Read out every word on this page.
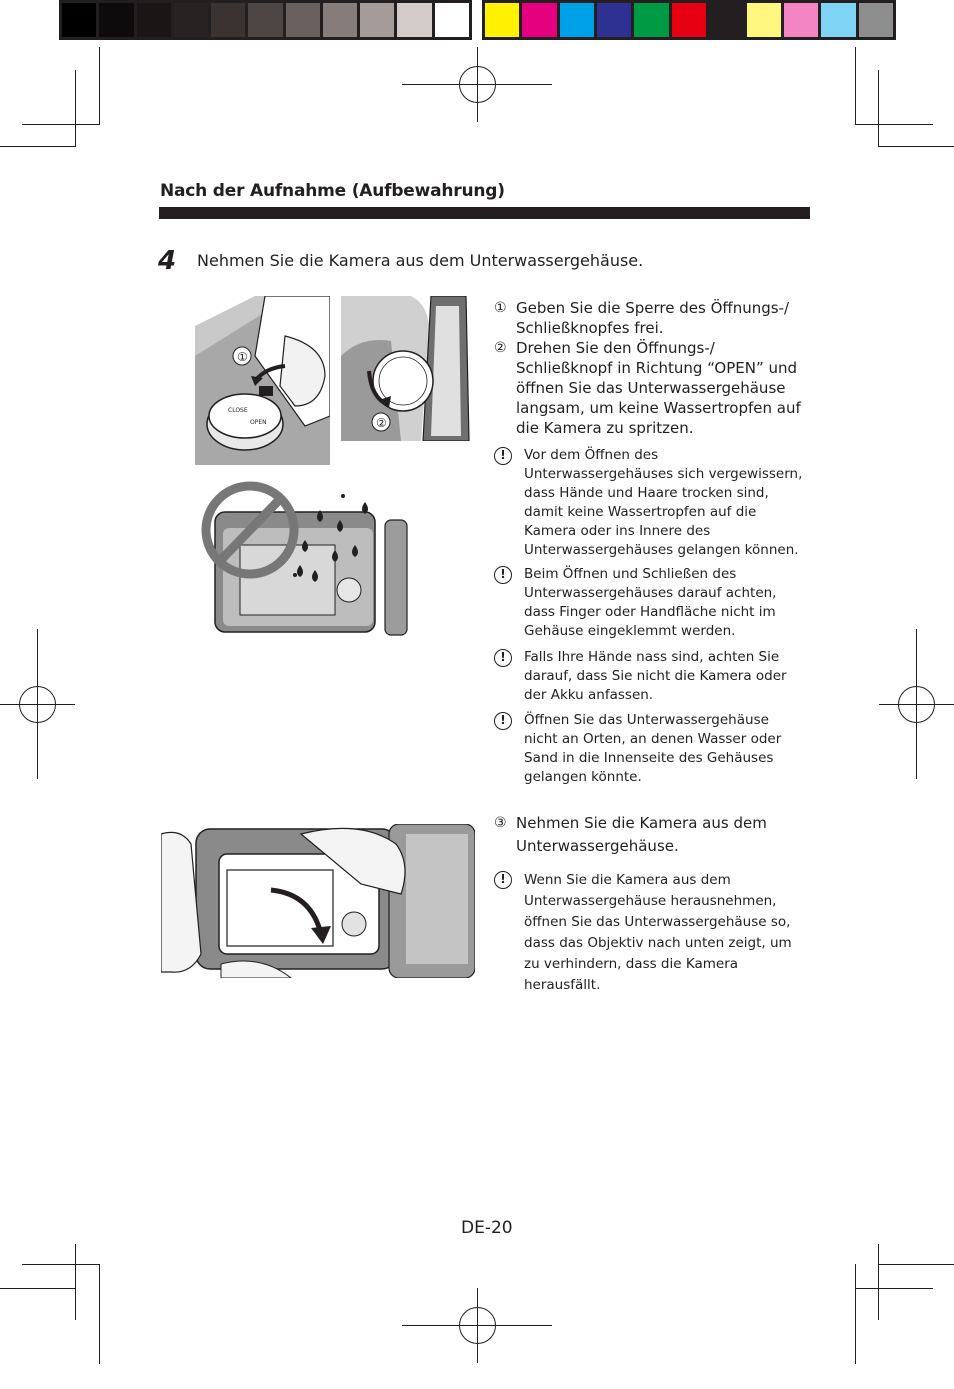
Nach der Aufnahme (Aufbewahrung)
4 Nehmen Sie die Kamera aus dem Unterwassergehäuse.
CLOSE
OPEN
①
②
① Geben Sie die Sperre des Öffnungs-/ Schließknopfes frei.
② Drehen Sie den Öffnungs-/ Schließknopf in Richtung “OPEN” und öffnen Sie das Unterwassergehäuse langsam, um keine Wassertropfen auf die Kamera zu spritzen.
!	Vor dem Öffnen des Unterwassergehäuses sich vergewissern, dass Hände und Haare trocken sind, damit keine Wassertropfen auf die Kamera oder ins Innere des Unterwassergehäuses gelangen können.
!	Beim Öffnen und Schließen des Unterwassergehäuses darauf achten, dass Finger oder Handfläche nicht im Gehäuse eingeklemmt werden.
!	Falls Ihre Hände nass sind, achten Sie darauf, dass Sie nicht die Kamera oder der Akku anfassen.
!	Öffnen Sie das Unterwassergehäuse nicht an Orten, an denen Wasser oder Sand in die Innenseite des Gehäuses gelangen könnte.
③ Nehmen Sie die Kamera aus dem Unterwassergehäuse.
!	Wenn Sie die Kamera aus dem Unterwassergehäuse herausnehmen, öffnen Sie das Unterwassergehäuse so, dass das Objektiv nach unten zeigt, um zu verhindern, dass die Kamera herausfällt.
DE-20
